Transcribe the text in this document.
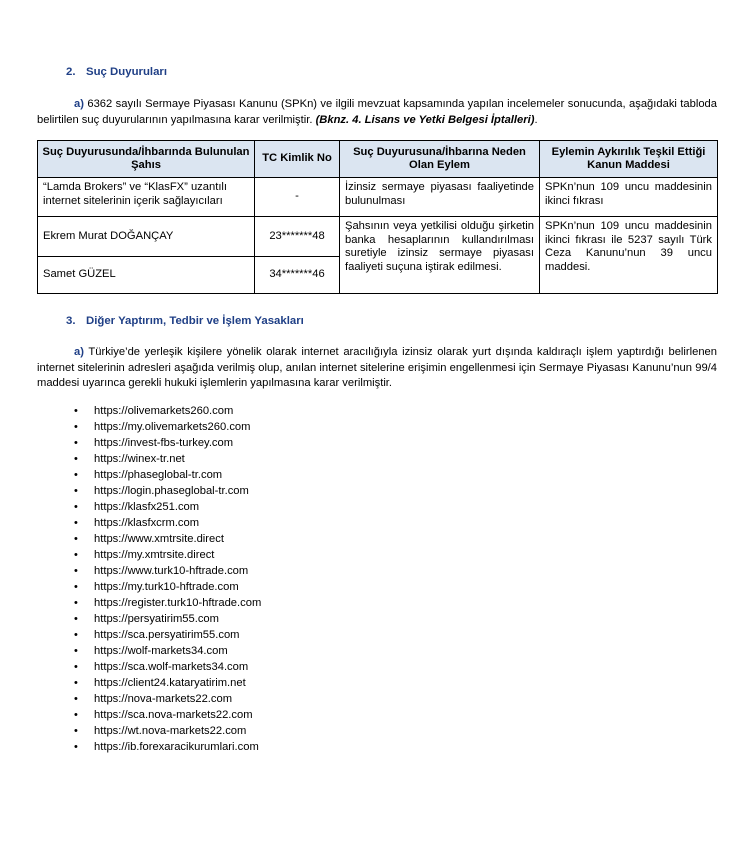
2. Suç Duyuruları
a) 6362 sayılı Sermaye Piyasası Kanunu (SPKn) ve ilgili mevzuat kapsamında yapılan incelemeler sonucunda, aşağıdaki tabloda belirtilen suç duyurularının yapılmasına karar verilmiştir. (Bknz. 4. Lisans ve Yetki Belgesi İptalleri).
Suç Duyurusunda/İhbarında Bulunulan Şahıs	TC Kimlik No	Suç Duyurusuna/İhbarına Neden Olan Eylem	Eylemin Aykırılık Teşkil Ettiği Kanun Maddesi
“Lamda Brokers” ve “KlasFX” uzantılı internet sitelerinin içerik sağlayıcıları	-	İzinsiz sermaye piyasası faaliyetinde bulunulması	SPKn’nun 109 uncu maddesinin ikinci fıkrası
Ekrem Murat DOĞANÇAY	23*******48	Şahsının veya yetkilisi olduğu şirketin banka hesaplarının kullandırılması suretiyle izinsiz sermaye piyasası faaliyeti suçuna iştirak edilmesi.	SPKn’nun 109 uncu maddesinin ikinci fıkrası ile 5237 sayılı Türk Ceza Kanunu’nun 39 uncu maddesi.
Samet GÜZEL	34*******46		
3. Diğer Yaptırım, Tedbir ve İşlem Yasakları
a) Türkiye’de yerleşik kişilere yönelik olarak internet aracılığıyla izinsiz olarak yurt dışında kaldıraçlı işlem yaptırdığı belirlenen internet sitelerinin adresleri aşağıda verilmiş olup, anılan internet sitelerine erişimin engellenmesi için Sermaye Piyasası Kanunu’nun 99/4 maddesi uyarınca gerekli hukuki işlemlerin yapılmasına karar verilmiştir.
• https://olivemarkets260.com
• https://my.olivemarkets260.com
• https://invest-fbs-turkey.com
• https://winex-tr.net
• https://phaseglobal-tr.com
• https://login.phaseglobal-tr.com
• https://klasfx251.com
• https://klasfxcrm.com
• https://www.xmtrsite.direct
• https://my.xmtrsite.direct
• https://www.turk10-hftrade.com
• https://my.turk10-hftrade.com
• https://register.turk10-hftrade.com
• https://persyatirim55.com
• https://sca.persyatirim55.com
• https://wolf-markets34.com
• https://sca.wolf-markets34.com
• https://client24.kataryatirim.net
• https://nova-markets22.com
• https://sca.nova-markets22.com
• https://wt.nova-markets22.com
• https://ib.forexaracikurumlari.com
